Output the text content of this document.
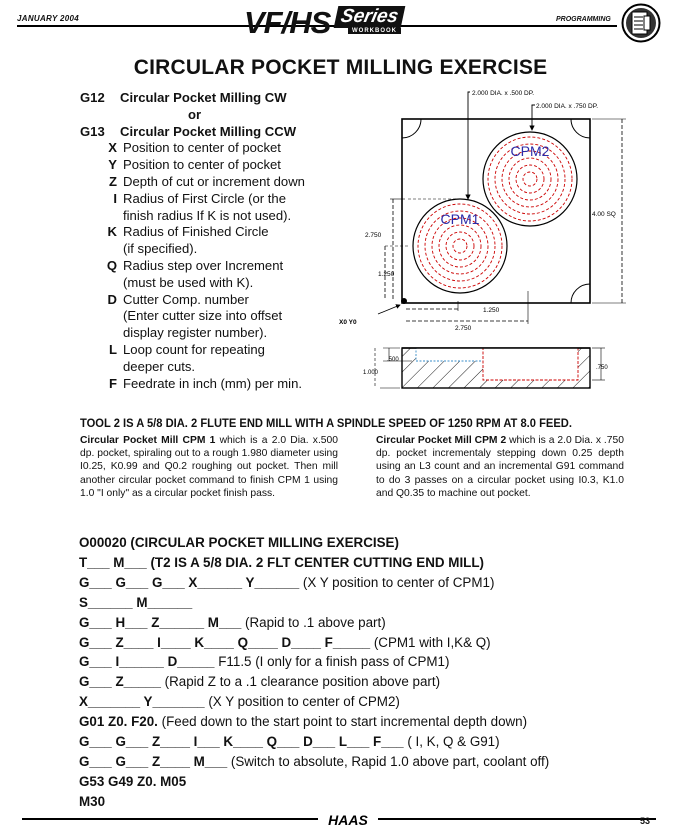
JANUARY 2004	VF/HS Series
WORKBOOK
PROGRAMMING
CIRCULAR POCKET MILLING EXERCISE
G12	Circular Pocket Milling CW
or
G13	Circular Pocket Milling CCW
X Position to center of pocket
Y Position to center of pocket
Z Depth of cut or increment down
I Radius of First Circle (or the
finish radius If K is not used).
K Radius of Finished Circle
(if specified).
Q Radius step over Increment
(must be used with K).
D Cutter Comp. number
(Enter cutter size into offset
display register number).
L Loop count for repeating
deeper cuts.
F Feedrate in inch (mm) per min.
CPM1
CPM2
2.000 DIA. x .500 DP.
2.000 DIA. x .750 DP.
2.750
1.250
4.00 SQ
X0 Y0
1.250
2.750
.500
1.000
.750
TOOL 2 IS A 5/8 DIA. 2 FLUTE END MILL WITH A SPINDLE SPEED OF 1250 RPM AT 8.0 FEED.
Circular Pocket Mill CPM 1 which is a 2.0 Dia. x.500 dp. pocket, spiraling out to a rough 1.980 diameter using I0.25, K0.99 and Q0.2 roughing out pocket. Then mill another circular pocket command to finish CPM 1 using 1.0 "I only" as a circular pocket finish pass.
Circular Pocket Mill CPM 2 which is a 2.0 Dia. x .750 dp. pocket incrementaly stepping down 0.25 depth using an L3 count and an incremental G91 command to do 3 passes on a circular pocket using I0.3, K1.0 and Q0.35 to machine out pocket.
O00020 (CIRCULAR POCKET MILLING EXERCISE)
T___ M___ (T2 IS A 5/8 DIA. 2 FLT CENTER CUTTING END MILL)
G___ G___ G___ X______ Y______ (X Y position to center of CPM1)
S______ M______
G___ H___ Z______ M___ (Rapid to .1 above part)
G___ Z____ I____ K____ Q____ D____ F_____ (CPM1 with I,K& Q)
G___ I______ D_____ F11.5 (I only for a finish pass of CPM1)
G___ Z_____ (Rapid Z to a .1 clearance position above part)
X_______ Y_______ (X Y position to center of CPM2)
G01 Z0. F20. (Feed down to the start point to start incremental depth down)
G___ G___ Z____ I___ K____ Q___ D___ L___ F___ ( I, K, Q & G91)
G___ G___ Z____ M___ (Switch to absolute, Rapid 1.0 above part, coolant off)
G53 G49 Z0. M05
M30
HAAS	53
